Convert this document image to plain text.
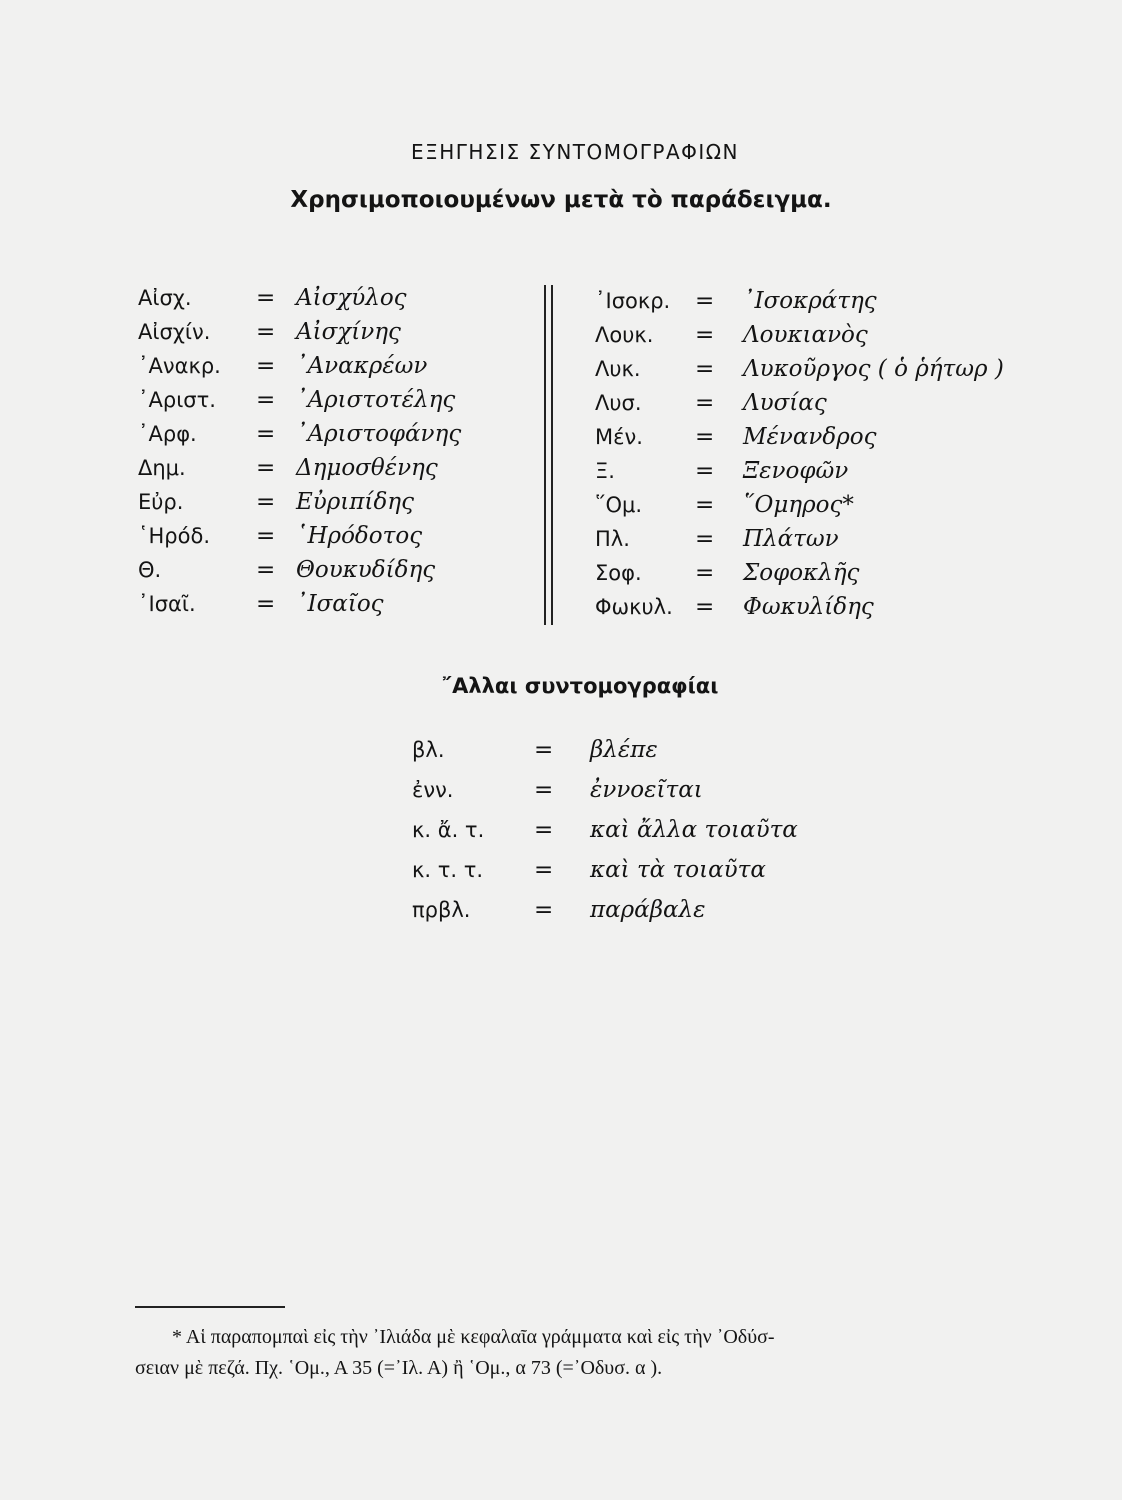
ΕΞΗΓΗΣΙΣ ΣΥΝΤΟΜΟΓΡΑΦΙΩΝ
Χρησιμοποιουμένων μετὰ τὸ παράδειγμα.
Αἰσχ.	= Αἰσχύλος
Αἰσχίν.	= Αἰσχίνης
᾿Ανακρ.	= ᾿Ανακρέων
᾿Αριστ.	= ᾿Αριστοτέλης
᾿Αρφ.	= ᾿Αριστοφάνης
Δημ.	= Δημοσθένης
Εὐρ.	= Εὐριπίδης
῾Ηρόδ.	= ῾Ηρόδοτος
Θ.	= Θουκυδίδης
᾿Ισαῖ.	= ᾿Ισαῖος
᾿Ισοκρ.	=	᾿Ισοκράτης
Λουκ.	=	Λουκιανὸς
Λυκ.	=	Λυκοῦργος ( ὁ ῥήτωρ )
Λυσ.	=	Λυσίας
Μέν.	=	Μένανδρος
Ξ.	=	Ξενοφῶν
῞Ομ.	=	῞Ομηρος*
Πλ.	=	Πλάτων
Σοφ.	=	Σοφοκλῆς
Φωκυλ. =	Φωκυλίδης
῎Αλλαι συντομογραφίαι
βλ.	=	βλέπε
ἐνν.	=	ἐννοεῖται
κ. ἄ. τ.	=	καὶ ἄλλα τοιαῦτα
κ. τ. τ.	=	καὶ τὰ τοιαῦτα
πρβλ.	=	παράβαλε
* Αἱ παραπομπαὶ εἰς τὴν ᾿Ιλιάδα μὲ κεφαλαῖα γράμματα καὶ εἰς τὴν ᾿Οδύσ-
σειαν μὲ πεζά. Πχ. ῾Ομ., Α 35 (=᾿Ιλ. Α) ἢ ῾Ομ., α 73 (=᾿Οδυσ. α ).
